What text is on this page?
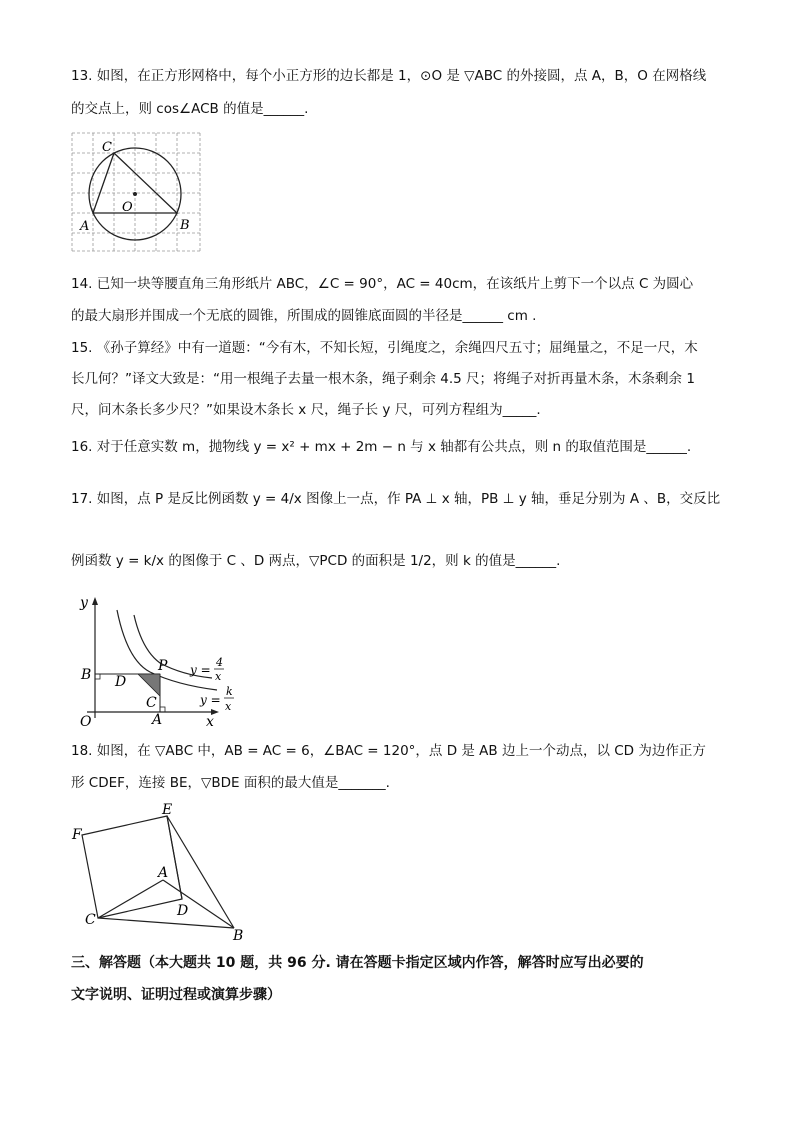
13. 如图，在正方形网格中，每个小正方形的边长都是 1，⊙O 是 ▽ABC 的外接圆，点 A，B，O 在网格线
的交点上，则 cos∠ACB 的值是______.
C
O
A	B
14. 已知一块等腰直角三角形纸片 ABC，∠C = 90°，AC = 40cm，在该纸片上剪下一个以点 C 为圆心
的最大扇形并围成一个无底的圆锥，所围成的圆锥底面圆的半径是______ cm .
15. 《孙子算经》中有一道题：“今有木，不知长短，引绳度之，余绳四尺五寸；屈绳量之，不足一尺，木
长几何？”译文大致是：“用一根绳子去量一根木条，绳子剩余 4.5 尺；将绳子对折再量木条，木条剩余 1
尺，问木条长多少尺？”如果设木条长 x 尺，绳子长 y 尺，可列方程组为_____.
16. 对于任意实数 m，抛物线 y = x² + mx + 2m − n 与 x 轴都有公共点，则 n 的取值范围是______.
17. 如图，点 P 是反比例函数 y = 4/x 图像上一点，作 PA ⊥ x 轴，PB ⊥ y 轴，垂足分别为 A 、B，交反比
例函数 y = k/x 的图像于 C 、D 两点，▽PCD 的面积是 1/2，则 k 的值是______.
y
x
O
B D
P
C
A
y =
4
x
y =
k
x
18. 如图，在 ▽ABC 中，AB = AC = 6，∠BAC = 120°，点 D 是 AB 边上一个动点，以 CD 为边作正方
形 CDEF，连接 BE，▽BDE 面积的最大值是_______.
E
F
A
D
C
B
三、解答题（本大题共 10 题，共 96 分. 请在答题卡指定区域内作答，解答时应写出必要的
文字说明、证明过程或演算步骤）
